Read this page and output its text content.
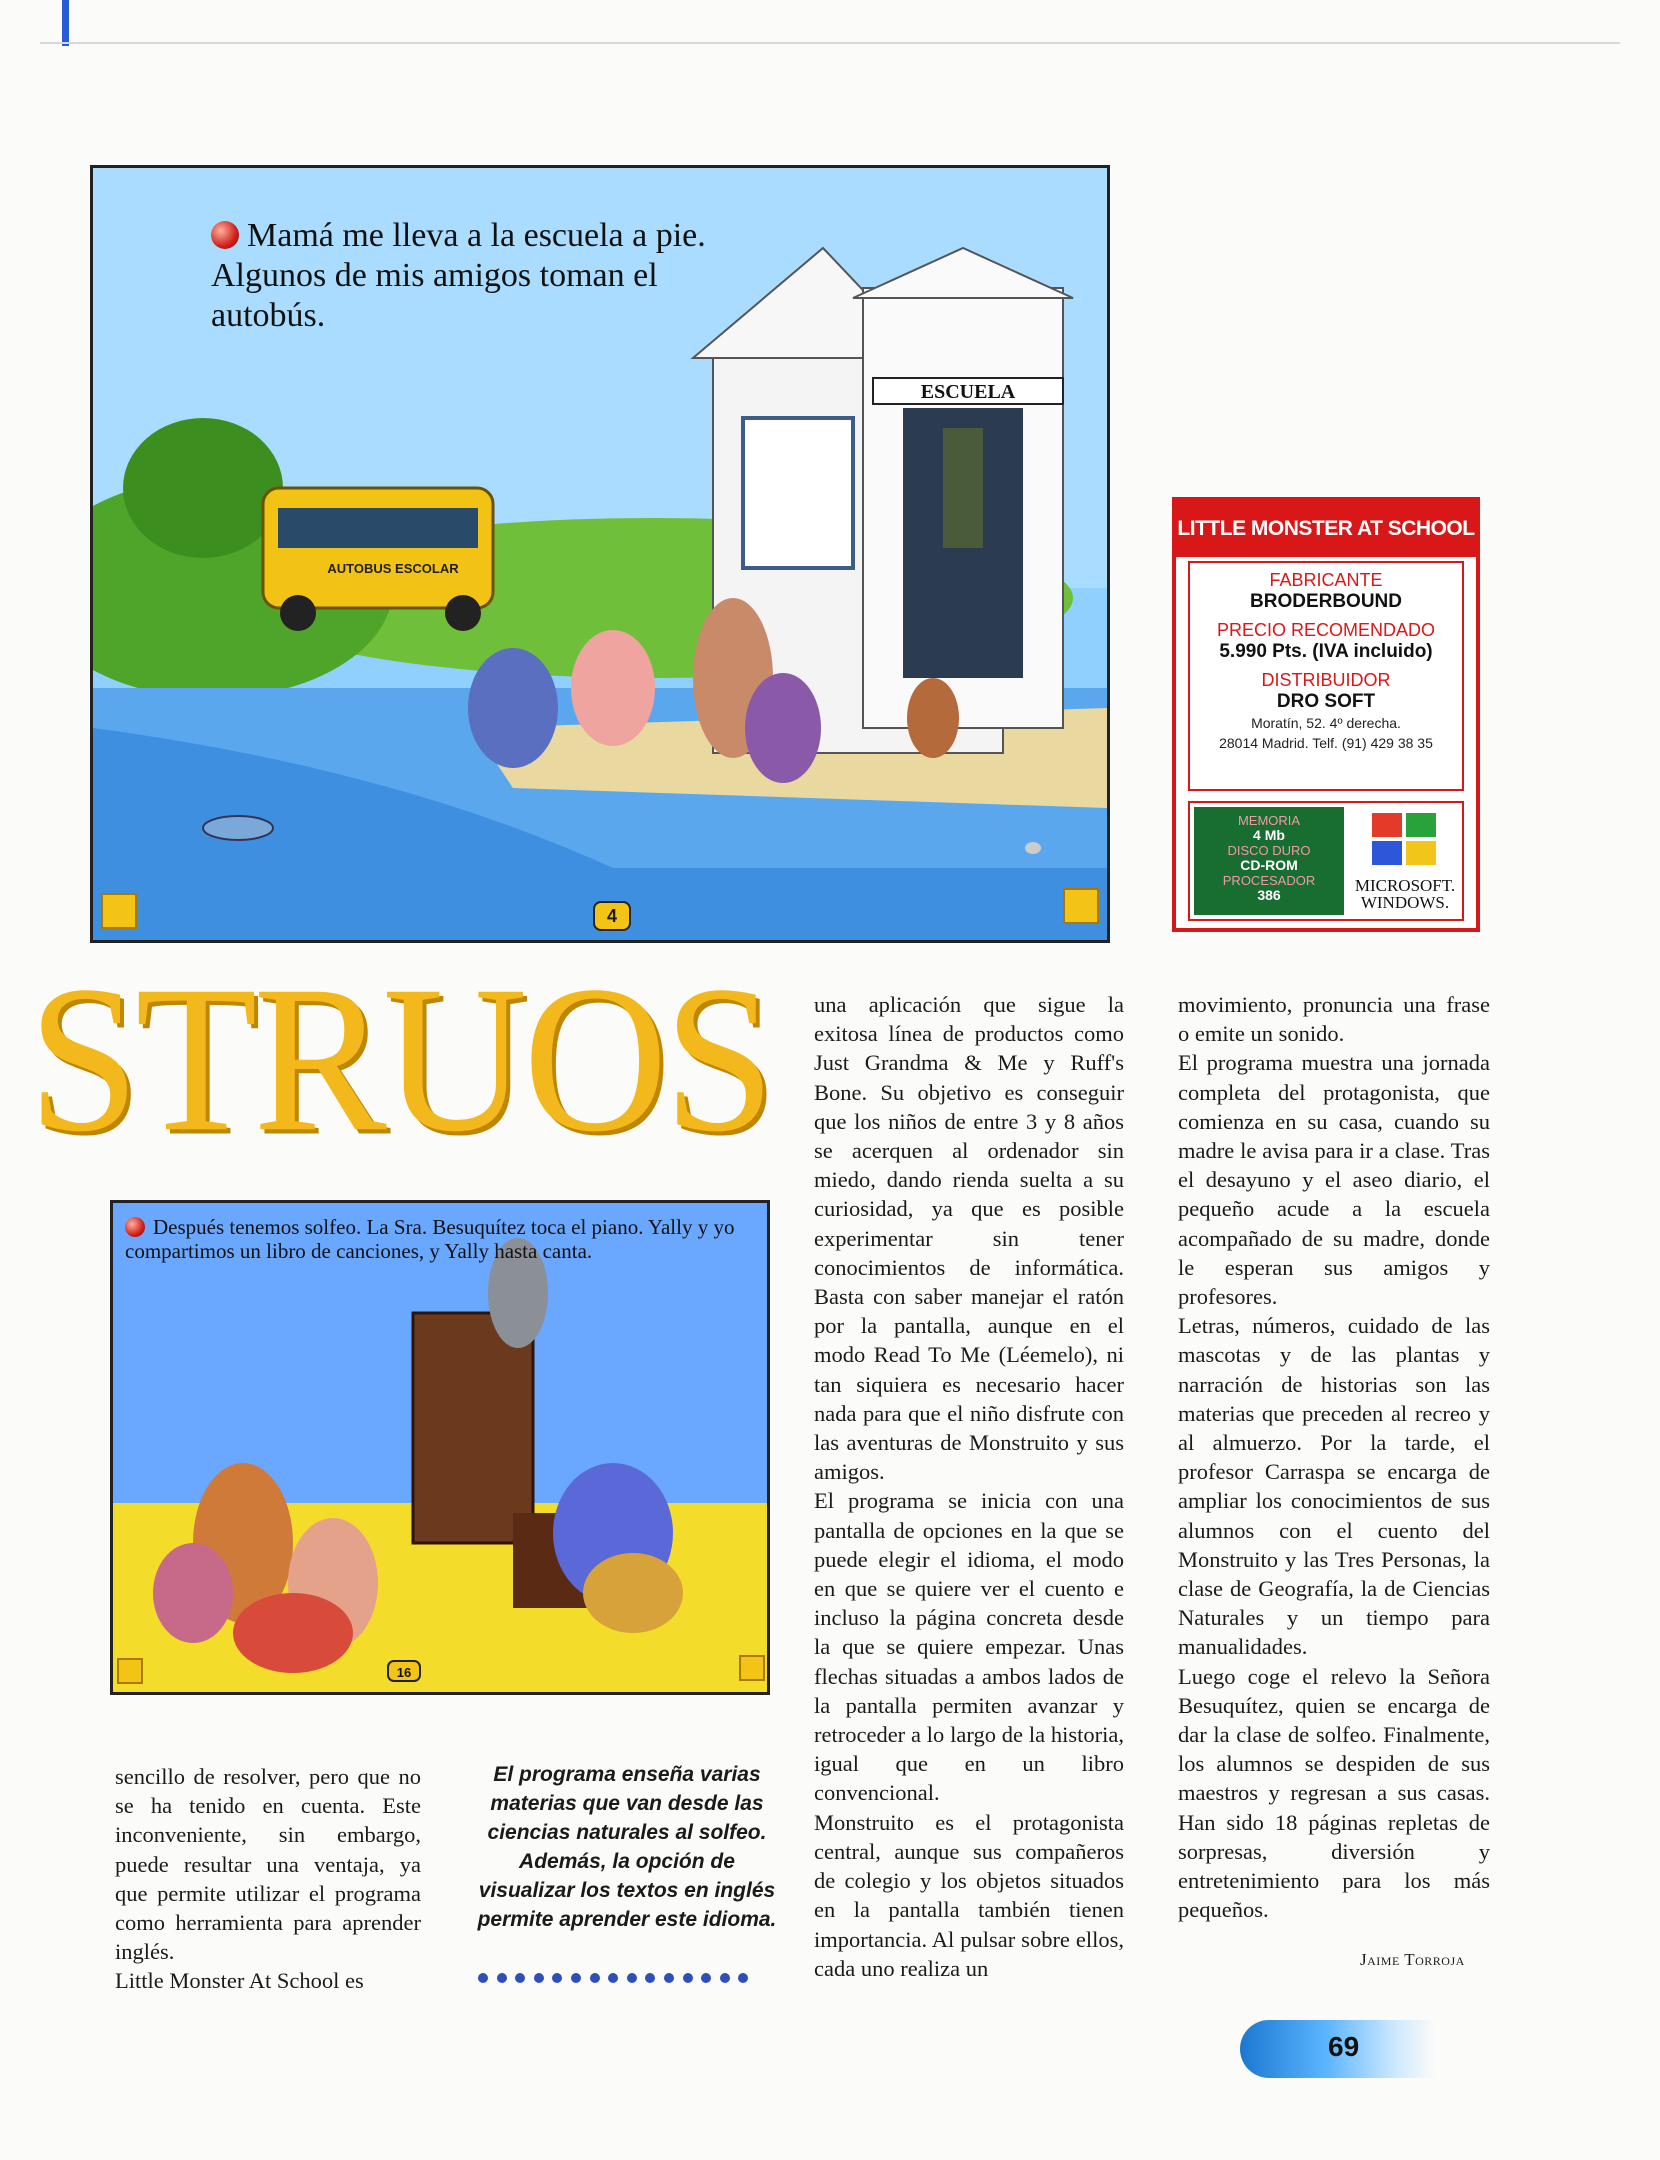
ESCUELA
AUTOBUS ESCOLAR
Mamá me lleva a la escuela a pie. Algunos de mis amigos toman el autobús.
4
LITTLE MONSTER AT SCHOOL
FABRICANTE
BRODERBOUND
PRECIO RECOMENDADO
5.990 Pts. (IVA incluido)
DISTRIBUIDOR
DRO SOFT
Moratín, 52. 4º derecha.
28014 Madrid. Telf. (91) 429 38 35
MEMORIA
4 Mb
DISCO DURO
CD-ROM
PROCESADOR
386	MICROSOFT.
WINDOWS.
STRUOS
16
Después tenemos solfeo. La Sra. Besuquítez toca el piano. Yally y yo compartimos un libro de canciones, y Yally hasta canta.

sencillo de resolver, pero que no se ha tenido en cuenta. Este inconveniente, sin embargo, puede resultar una ventaja, ya que permite utilizar el programa como herramienta para aprender inglés.

Little Monster At School es

El programa enseña varias materias que van desde las ciencias naturales al solfeo. Además, la opción de visualizar los textos en inglés permite aprender este idioma.

una aplicación que sigue la exitosa línea de productos como Just Grandma & Me y Ruff's Bone. Su objetivo es conseguir que los niños de entre 3 y 8 años se acerquen al ordenador sin miedo, dando rienda suelta a su curiosidad, ya que es posible experimentar sin tener conocimientos de informática. Basta con saber manejar el ratón por la pantalla, aunque en el modo Read To Me (Léemelo), ni tan siquiera es necesario hacer nada para que el niño disfrute con las aventuras de Monstruito y sus amigos.

El programa se inicia con una pantalla de opciones en la que se puede elegir el idioma, el modo en que se quiere ver el cuento e incluso la página concreta desde la que se quiere empezar. Unas flechas situadas a ambos lados de la pantalla permiten avanzar y retroceder a lo largo de la historia, igual que en un libro convencional.

Monstruito es el protagonista central, aunque sus compañeros de colegio y los objetos situados en la pantalla también tienen importancia. Al pulsar sobre ellos, cada uno realiza un

movimiento, pronuncia una frase o emite un sonido.

El programa muestra una jornada completa del protagonista, que comienza en su casa, cuando su madre le avisa para ir a clase. Tras el desayuno y el aseo diario, el pequeño acude a la escuela acompañado de su madre, donde le esperan sus amigos y profesores.

Letras, números, cuidado de las mascotas y de las plantas y narración de historias son las materias que preceden al recreo y al almuerzo. Por la tarde, el profesor Carraspa se encarga de ampliar los conocimientos de sus alumnos con el cuento del Monstruito y las Tres Personas, la clase de Geografía, la de Ciencias Naturales y un tiempo para manualidades.

Luego coge el relevo la Señora Besuquítez, quien se encarga de dar la clase de solfeo. Finalmente, los alumnos se despiden de sus maestros y regresan a sus casas. Han sido 18 páginas repletas de sorpresas, diversión y entretenimiento para los más pequeños.

Jaime Torroja
69
